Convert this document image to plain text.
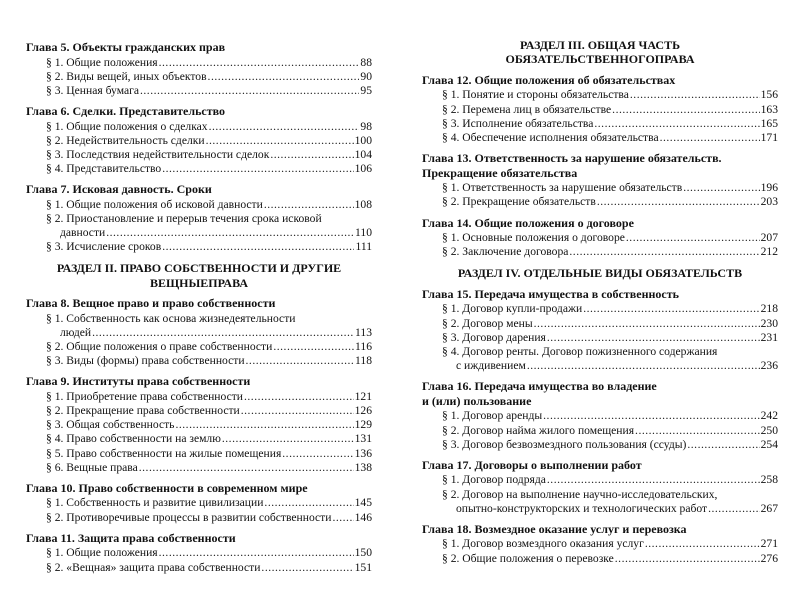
Глава 5. Объекты гражданских прав
§ 1. Общие положения .....	88
§ 2. Виды вещей, иных объектов .....	90
§ 3. Ценная бумага .....	95
Глава 6. Сделки. Представительство
§ 1. Общие положения о сделках .....	98
§ 2. Недействительность сделки .....	100
§ 3. Последствия недействительности сделок .....	104
§ 4. Представительство .....	106
Глава 7. Исковая давность. Сроки
§ 1. Общие положения об исковой давности .....	108
§ 2. Приостановление и перерыв течения срока исковой
давности .....	110
§ 3. Исчисление сроков .....	111
РАЗДЕЛ II. ПРАВО СОБСТВЕННОСТИ И ДРУГИЕ
ВЕЩНЫЕПРАВА
Глава 8. Вещное право и право собственности
§ 1. Собственность как основа жизнедеятельности
людей .....	113
§ 2. Общие положения о праве собственности .....	116
§ 3. Виды (формы) права собственности .....	118
Глава 9. Институты права собственности
§ 1. Приобретение права собственности .....	121
§ 2. Прекращение права собственности .....	126
§ 3. Общая собственность .....	129
§ 4. Право собственности на землю .....	131
§ 5. Право собственности на жилые помещения .....	136
§ 6. Вещные права .....	138
Глава 10. Право собственности в современном мире
§ 1. Собственность и развитие цивилизации .....	145
§ 2. Противоречивые процессы в развитии собственности ..... 146
Глава 11. Защита права собственности
§ 1. Общие положения .....	150
§ 2. «Вещная» защита права собственности .....	151
РАЗДЕЛ III. ОБЩАЯ ЧАСТЬ
ОБЯЗАТЕЛЬСТВЕННОГОПРАВА
Глава 12. Общие положения об обязательствах
§ 1. Понятие и стороны обязательства .....	156
§ 2. Перемена лиц в обязательстве .....	163
§ 3. Исполнение обязательства .....	165
§ 4. Обеспечение исполнения обязательства .....	171
Глава 13. Ответственность за нарушение обязательств.
Прекращение обязательства
§ 1. Ответственность за нарушение обязательств .....	196
§ 2. Прекращение обязательств .....	203
Глава 14. Общие положения о договоре
§ 1. Основные положения о договоре .....	207
§ 2. Заключение договора .....	212
РАЗДЕЛ IV. ОТДЕЛЬНЫЕ ВИДЫ ОБЯЗАТЕЛЬСТВ
Глава 15. Передача имущества в собственность
§ 1. Договор купли-продажи .....	218
§ 2. Договор мены .....	230
§ 3. Договор дарения .....	231
§ 4. Договор ренты. Договор пожизненного содержания
с иждивением .....	236
Глава 16. Передача имущества во владение
и (или) пользование
§ 1. Договор аренды .....	242
§ 2. Договор найма жилого помещения .....	250
§ 3. Договор безвозмездного пользования (ссуды) .....	254
Глава 17. Договоры о выполнении работ
§ 1. Договор подряда .....	258
§ 2. Договор на выполнение научно-исследовательских,
опытно-конструкторских и технологических работ .....	267
Глава 18. Возмездное оказание услуг и перевозка
§ 1. Договор возмездного оказания услуг .....	271
§ 2. Общие положения о перевозке .....	276
